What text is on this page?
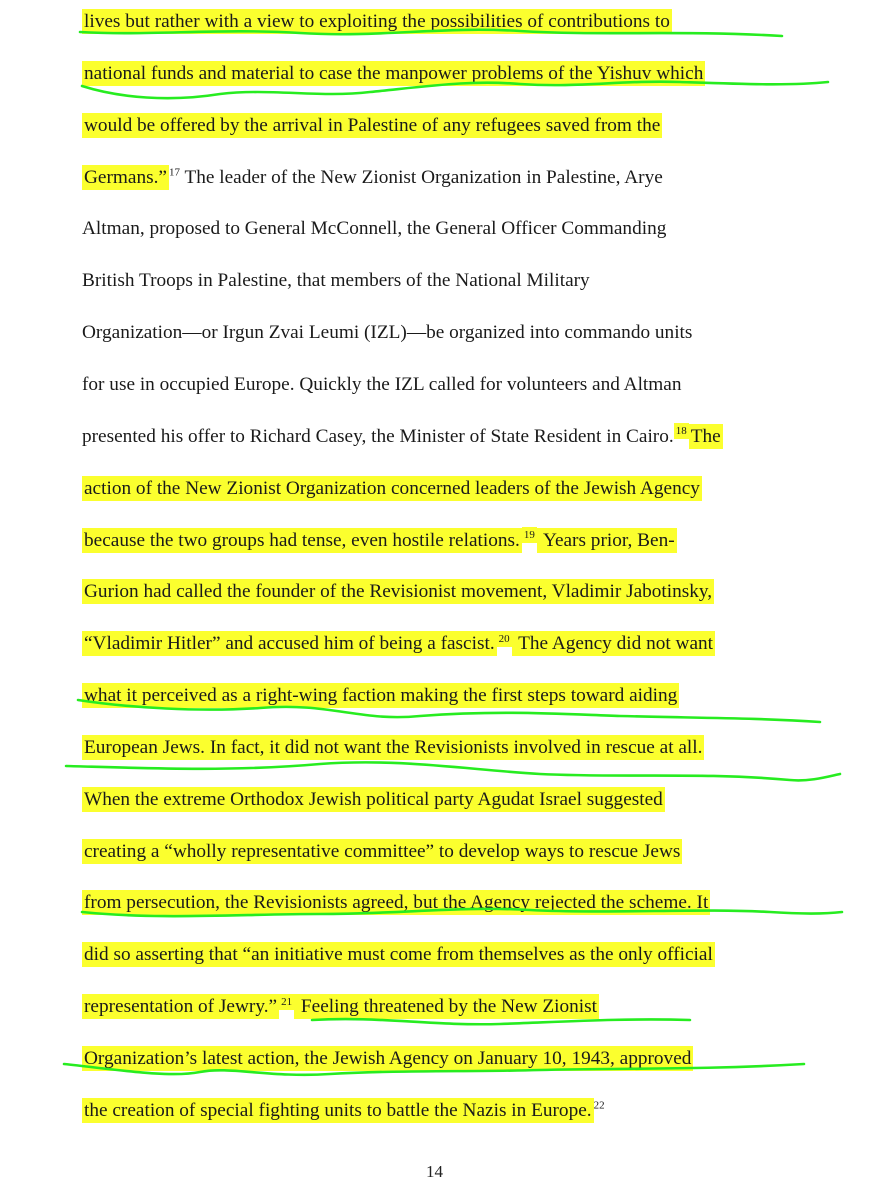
lives but rather with a view to exploiting the possibilities of contributions to
national funds and material to case the manpower problems of the Yishuv which
would be offered by the arrival in Palestine of any refugees saved from the
Germans.” $^{17}$ The leader of the New Zionist Organization in Palestine, Arye
Altman, proposed to General McConnell, the General Officer Commanding
British Troops in Palestine, that members of the National Military
Organization—or Irgun Zvai Leumi (IZL)—be organized into commando units
for use in occupied Europe. Quickly the IZL called for volunteers and Altman
presented his offer to Richard Casey, the Minister of State Resident in Cairo. $^{18}$ The
action of the New Zionist Organization concerned leaders of the Jewish Agency
because the two groups had tense, even hostile relations. $^{19}$ Years prior, Ben-
Gurion had called the founder of the Revisionist movement, Vladimir Jabotinsky,
“Vladimir Hitler” and accused him of being a fascist. $^{20}$ The Agency did not want
what it perceived as a right-wing faction making the first steps toward aiding
European Jews. In fact, it did not want the Revisionists involved in rescue at all.
When the extreme Orthodox Jewish political party Agudat Israel suggested
creating a “wholly representative committee” to develop ways to rescue Jews
from persecution, the Revisionists agreed, but the Agency rejected the scheme. It
did so asserting that “an initiative must come from themselves as the only official
representation of Jewry.” $^{21}$ Feeling threatened by the New Zionist
Organization’s latest action, the Jewish Agency on January 10, 1943, approved
the creation of special fighting units to battle the Nazis in Europe. $^{22}$
14
